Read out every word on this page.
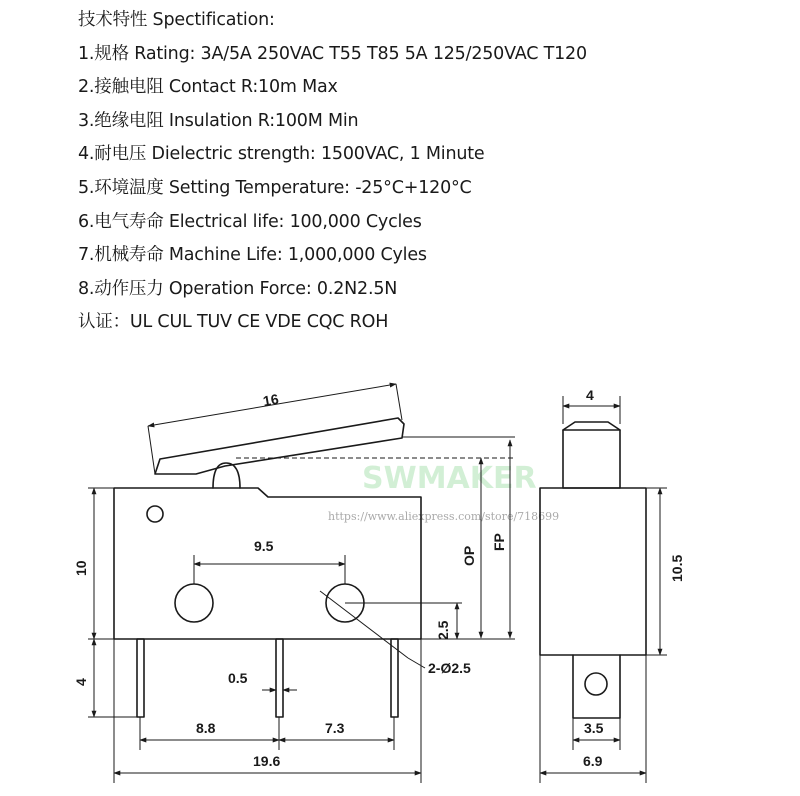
技术特性 Spectification:
1.规格 Rating: 3A/5A 250VAC T55 T85 5A 125/250VAC T120
2.接触电阻 Contact R:10m Max
3.绝缘电阻 Insulation R:100M Min
4.耐电压 Dielectric strength: 1500VAC, 1 Minute
5.环境温度 Setting Temperature: -25°C+120°C
6.电气寿命 Electrical life: 100,000 Cycles
7.机械寿命 Machine Life: 1,000,000 Cyles
8.动作压力 Operation Force: 0.2N2.5N
认证：UL CUL TUV CE VDE CQC ROH
SWMAKER
https://www.aliexpress.com/store/718699
16	4
9.5
10
OP
FP
10.5
2.5
4	0.5
2-Ø2.5
8.8	7.3	3.5
19.6	6.9
